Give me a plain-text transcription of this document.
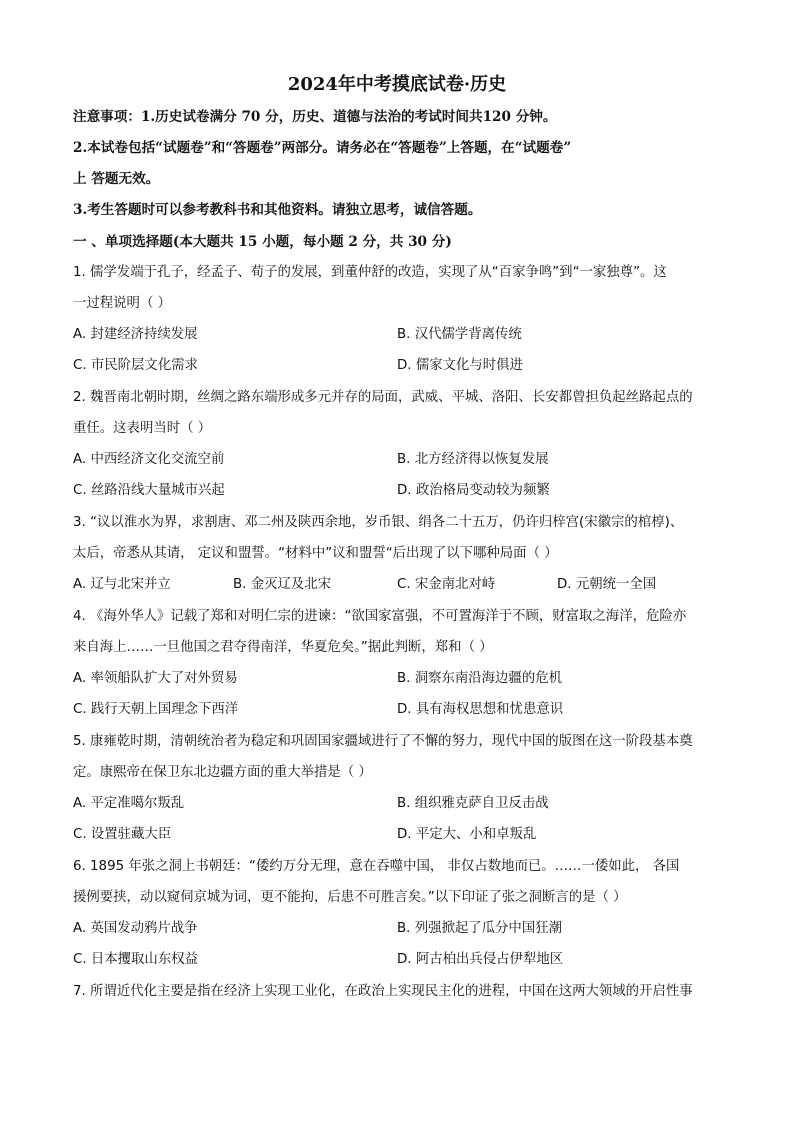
2024年中考摸底试卷·历史
注意事项：1.历史试卷满分 70 分，历史、道德与法治的考试时间共120 分钟。
2.本试卷包括“试题卷”和“答题卷”两部分。请务必在“答题卷”上答题，在“试题卷”
上 答题无效。
3.考生答题时可以参考教科书和其他资料。请独立思考，诚信答题。
一 、单项选择题(本大题共 15 小题，每小题 2 分，共 30 分)
1. 儒学发端于孔子，经孟子、荀子的发展，到董仲舒的改造，实现了从“百家争鸣”到“一家独尊”。这
一过程说明（ ）
A. 封建经济持续发展	B. 汉代儒学背离传统
C. 市民阶层文化需求	D. 儒家文化与时俱进
2. 魏晋南北朝时期，丝绸之路东端形成多元并存的局面，武威、平城、洛阳、长安都曾担负起丝路起点的
重任。这表明当时（ ）
A. 中西经济文化交流空前	B. 北方经济得以恢复发展
C. 丝路沿线大量城市兴起	D. 政治格局变动较为频繁
3. “议以淮水为界，求割唐、邓二州及陕西余地，岁币银、绢各二十五万，仍许归梓宫(宋徽宗的棺椁)、
太后，帝悉从其请， 定议和盟誓。“材料中”议和盟誓“后出现了以下哪种局面（ ）
A. 辽与北宋并立	B. 金灭辽及北宋	C. 宋金南北对峙	D. 元朝统一全国
4. 《海外华人》记载了郑和对明仁宗的进谏：“欲国家富强，不可置海洋于不顾，财富取之海洋，危险亦
来自海上……一旦他国之君夺得南洋，华夏危矣。”据此判断，郑和（ ）
A. 率领船队扩大了对外贸易	B. 洞察东南沿海边疆的危机
C. 践行天朝上国理念下西洋	D. 具有海权思想和忧患意识
5. 康雍乾时期，清朝统治者为稳定和巩固国家疆域进行了不懈的努力，现代中国的版图在这一阶段基本奠
定。康熙帝在保卫东北边疆方面的重大举措是（ ）
A. 平定准噶尔叛乱	B. 组织雅克萨自卫反击战
C. 设置驻藏大臣	D. 平定大、小和卓叛乱
6. 1895 年张之洞上书朝廷：“倭约万分无理，意在吞噬中国， 非仅占数地而已。……一倭如此， 各国
援例要挟，动以窥伺京城为词，更不能拘，后患不可胜言矣。”以下印证了张之洞断言的是（ ）
A. 英国发动鸦片战争	B. 列强掀起了瓜分中国狂潮
C. 日本攫取山东权益	D. 阿古柏出兵侵占伊犁地区
7. 所谓近代化主要是指在经济上实现工业化，在政治上实现民主化的进程，中国在这两大领域的开启性事
